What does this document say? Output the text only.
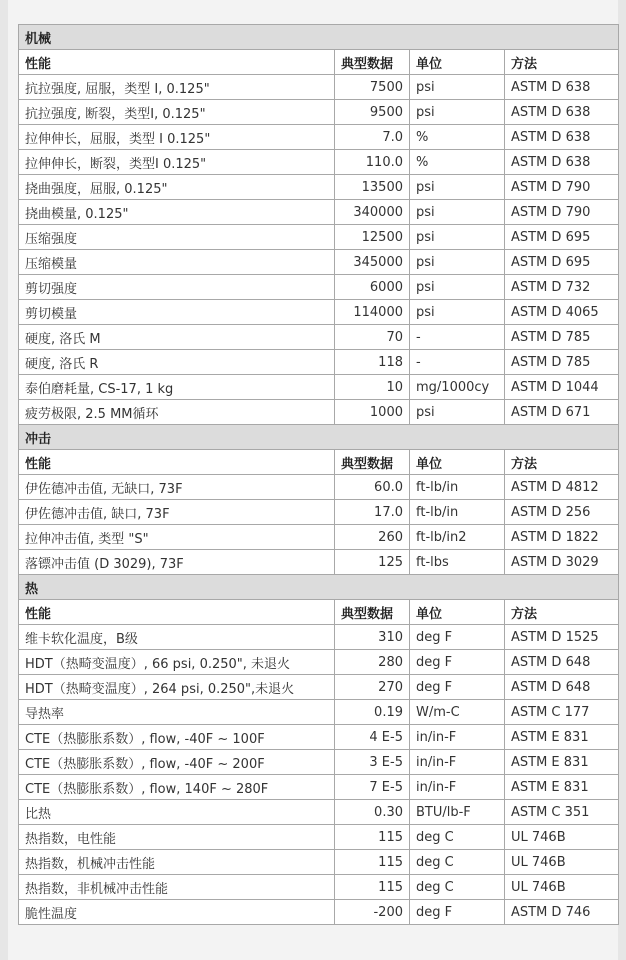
机械			
性能	典型数据	单位	方法
抗拉强度, 屈服，类型 I, 0.125"	7500	psi	ASTM D 638
抗拉强度, 断裂，类型I, 0.125"	9500	psi	ASTM D 638
拉伸伸长，屈服，类型 I 0.125"	7.0	%	ASTM D 638
拉伸伸长，断裂，类型I 0.125"	110.0	%	ASTM D 638
挠曲强度，屈服, 0.125"	13500	psi	ASTM D 790
挠曲模量, 0.125"	340000	psi	ASTM D 790
压缩强度	12500	psi	ASTM D 695
压缩模量	345000	psi	ASTM D 695
剪切强度	6000	psi	ASTM D 732
剪切模量	114000	psi	ASTM D 4065
硬度, 洛氏 M	70	-	ASTM D 785
硬度, 洛氏 R	118	-	ASTM D 785
泰伯磨耗量, CS-17, 1 kg	10	mg/1000cy	ASTM D 1044
疲劳极限, 2.5 MM循环	1000	psi	ASTM D 671
冲击			
性能	典型数据	单位	方法
伊佐德冲击值, 无缺口, 73F	60.0	ft-lb/in	ASTM D 4812
伊佐德冲击值, 缺口, 73F	17.0	ft-lb/in	ASTM D 256
拉伸冲击值, 类型 "S"	260	ft-lb/in2	ASTM D 1822
落镖冲击值 (D 3029), 73F	125	ft-lbs	ASTM D 3029
热			
性能	典型数据	单位	方法
维卡软化温度，B级	310	deg F	ASTM D 1525
HDT（热畸变温度）, 66 psi, 0.250", 未退火	280	deg F	ASTM D 648
HDT（热畸变温度）, 264 psi, 0.250",未退火	270	deg F	ASTM D 648
导热率	0.19	W/m-C	ASTM C 177
CTE（热膨胀系数）, flow, -40F ~ 100F	4 E-5	in/in-F	ASTM E 831
CTE（热膨胀系数）, flow, -40F ~ 200F	3 E-5	in/in-F	ASTM E 831
CTE（热膨胀系数）, flow, 140F ~ 280F	7 E-5	in/in-F	ASTM E 831
比热	0.30	BTU/lb-F	ASTM C 351
热指数，电性能	115	deg C	UL 746B
热指数，机械冲击性能	115	deg C	UL 746B
热指数，非机械冲击性能	115	deg C	UL 746B
脆性温度	-200	deg F	ASTM D 746
